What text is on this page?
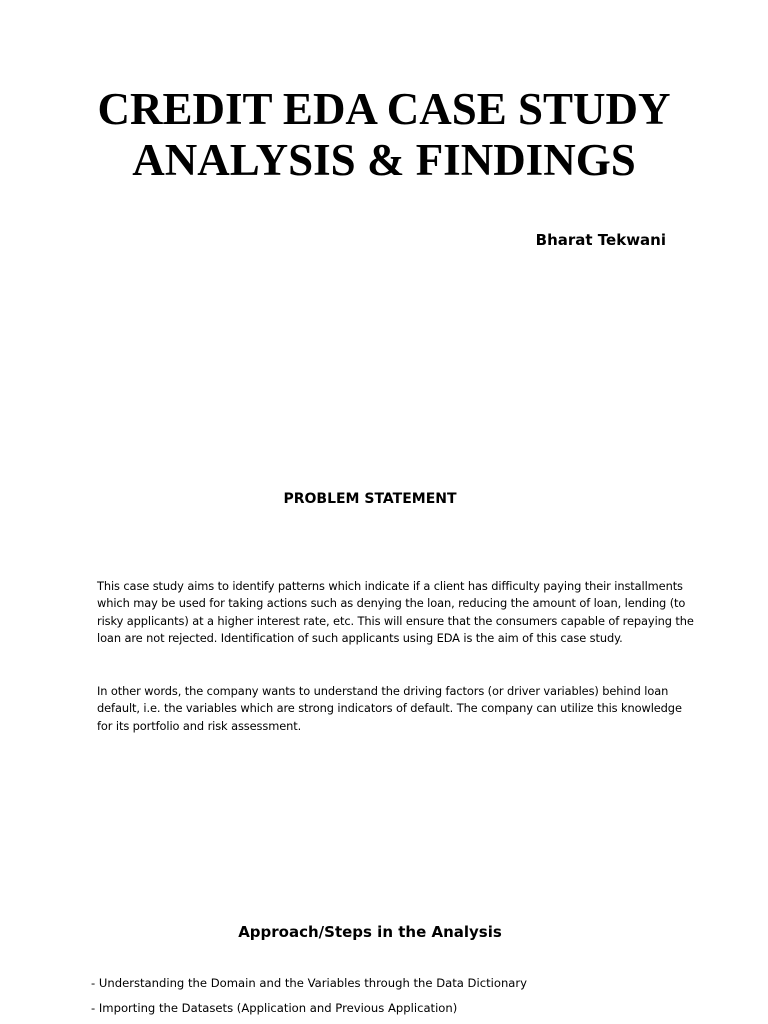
CREDIT EDA CASE STUDY
ANALYSIS & FINDINGS
Bharat Tekwani
PROBLEM STATEMENT

This case study aims to identify patterns which indicate if a client has difficulty paying their installments which may be used for taking actions such as denying the loan, reducing the amount of loan, lending (to risky applicants) at a higher interest rate, etc. This will ensure that the consumers capable of repaying the loan are not rejected. Identification of such applicants using EDA is the aim of this case study.

In other words, the company wants to understand the driving factors (or driver variables) behind loan default, i.e. the variables which are strong indicators of default. The company can utilize this knowledge for its portfolio and risk assessment.

Approach/Steps in the Analysis
- Understanding the Domain and the Variables through the Data Dictionary
- Importing the Datasets (Application and Previous Application)
